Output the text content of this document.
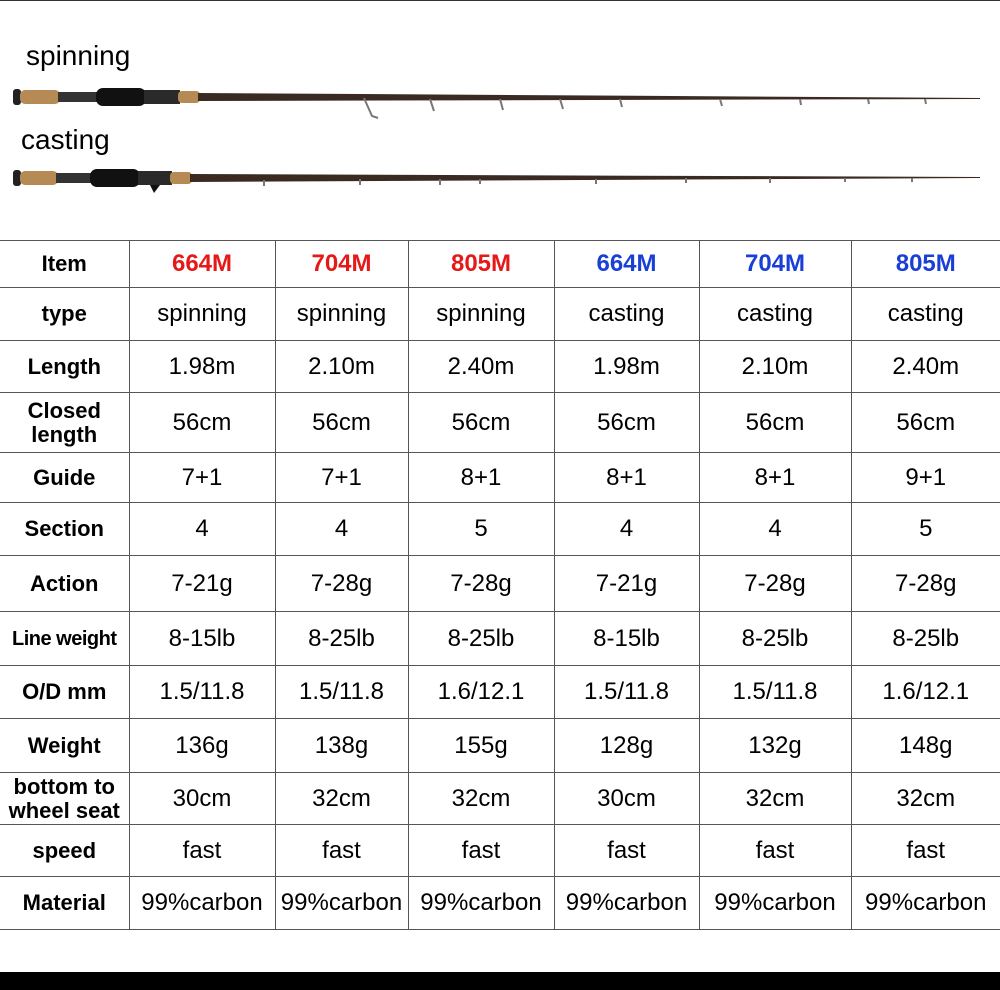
spinning
casting
Item	664M	704M	805M	664M	704M	805M
type	spinning	spinning	spinning	casting	casting	casting
Length	1.98m	2.10m	2.40m	1.98m	2.10m	2.40m

Closed
length	56cm	56cm	56cm	56cm	56cm	56cm
Guide	7+1	7+1	8+1	8+1	8+1	9+1
Section	4	4	5	4	4	5
Action	7-21g	7-28g	7-28g	7-21g	7-28g	7-28g
Line weight	8-15lb	8-25lb	8-25lb	8-15lb	8-25lb	8-25lb
O/D mm	1.5/11.8	1.5/11.8	1.6/12.1	1.5/11.8	1.5/11.8	1.6/12.1
Weight	136g	138g	155g	128g	132g	148g

bottom to
wheel seat	30cm	32cm	32cm	30cm	32cm	32cm
speed	fast	fast	fast	fast	fast	fast
Material	99%carbon	99%carbon	99%carbon	99%carbon	99%carbon	99%carbon
